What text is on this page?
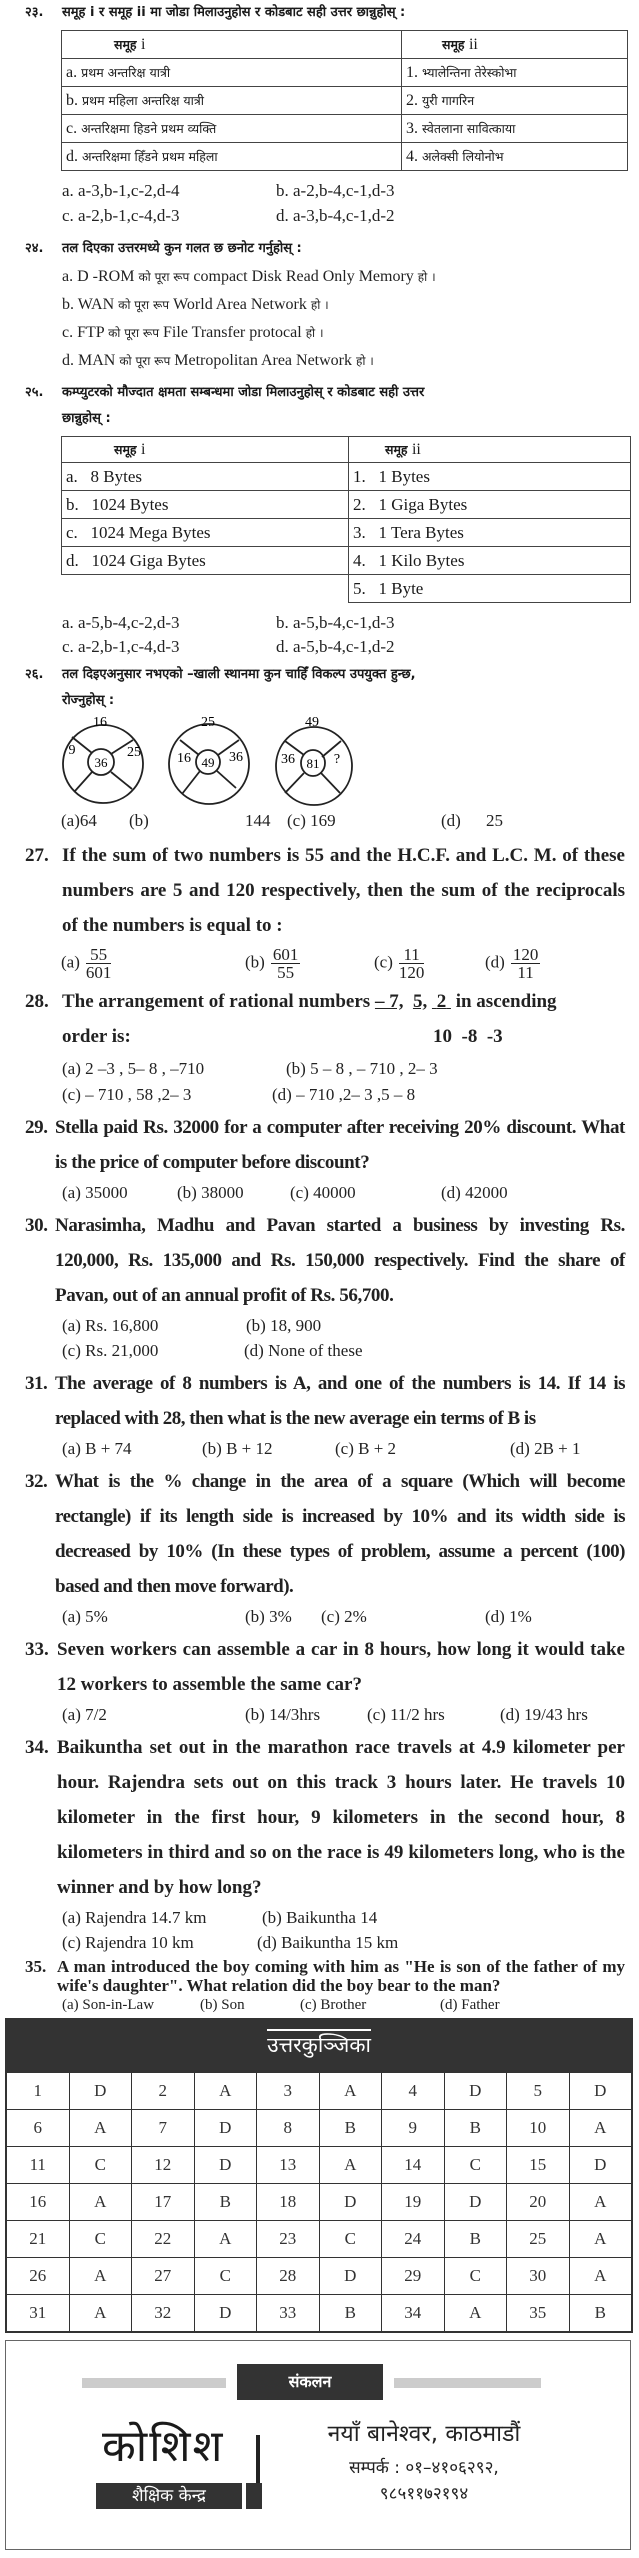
२३. समूह i र समूह ii मा जोडा मिलाउनुहोस र कोडबाट सही उत्तर छान्नुहोस् :
समूह i	समूह ii
a. प्रथम अन्तरिक्ष यात्री	1. भ्यालेन्तिना तेरेस्कोभा
b. प्रथम महिला अन्तरिक्ष यात्री	2. युरी गागरिन
c. अन्तरिक्षमा हिडने प्रथम व्यक्ति	3. स्वेतलाना सावित्काया
d. अन्तरिक्षमा हिँडने प्रथम महिला	4. अलेक्सी लियोनोभ
a. a-3,b-1,c-2,d-4	b. a-2,b-4,c-1,d-3
c. a-2,b-1,c-4,d-3	d. a-3,b-4,c-1,d-2
२४. तल दिएका उत्तरमध्ये कुन गलत छ छनोट गर्नुहोस् :
a. D -ROM को पूरा रूप compact Disk Read Only Memory हो ।
b. WAN को पूरा रूप World Area Network हो ।
c. FTP को पूरा रूप File Transfer protocal हो ।
d. MAN को पूरा रूप Metropolitan Area Network हो ।
२५. कम्प्युटरको मौज्दात क्षमता सम्बन्धमा जोडा मिलाउनुहोस् र कोडबाट सही उत्तर
छान्नुहोस् :
समूह i	समूह ii
a. 8 Bytes	1. 1 Bytes
b. 1024 Bytes	2. 1 Giga Bytes
c. 1024 Mega Bytes	3. 1 Tera Bytes
d. 1024 Giga Bytes	4. 1 Kilo Bytes
	5. 1 Byte
a. a-5,b-4,c-2,d-3	b. a-5,b-4,c-1,d-3
c. a-2,b-1,c-4,d-3	d. a-5,b-4,c-1,d-2
२६. तल दिइएअनुसार नभएको –खाली स्थानमा कुन चाहिँ विकल्प उपयुक्त हुन्छ,
रोज्नुहोस् :
16
9	25
36
25
16	36
49
49
36	?
81
(a)64 (b)	144 (c) 169	(d) 25
27. If the sum of two numbers is 55 and the H.C.F. and L.C. M. of these numbers are 5 and 120 respectively, then the sum of the reciprocals of the numbers is equal to :
$(a) \frac{55}{601}$	$(b) \frac{601}{55}$	$(c) \frac{11}{120}$	$(d) \frac{120}{11}$
28. The arrangement of rational numbers – 7, 5, 2 in ascending
order is:	10 -8 -3
(a) 2 –3 , 5– 8 , –710	(b) 5 – 8 , – 710 , 2– 3
(c) – 710 , 58 ,2– 3	(d) – 710 ,2– 3 ,5 – 8
29. Stella paid Rs. 32000 for a computer after receiving 20% discount. What is the price of computer before discount?
(a) 35000	(b) 38000	(c) 40000	(d) 42000
30. Narasimha, Madhu and Pavan started a business by investing Rs. 120,000, Rs. 135,000 and Rs. 150,000 respectively. Find the share of Pavan, out of an annual profit of Rs. 56,700.
(a) Rs. 16,800	(b) 18, 900
(c) Rs. 21,000	(d) None of these
31. The average of 8 numbers is A, and one of the numbers is 14. If 14 is replaced with 28, then what is the new average ein terms of B is
(a) B + 74	(b) B + 12	(c) B + 2	(d) 2B + 1
32. What is the % change in the area of a square (Which will become rectangle) if its length side is increased by 10% and its width side is decreased by 10% (In these types of problem, assume a percent (100) based and then move forward).
(a) 5%	(b) 3% (c) 2%	(d) 1%
33. Seven workers can assemble a car in 8 hours, how long it would take 12 workers to assemble the same car?
(a) 7/2	(b) 14/3hrs	(c) 11/2 hrs	(d) 19/43 hrs
34. Baikuntha set out in the marathon race travels at 4.9 kilometer per hour. Rajendra sets out on this track 3 hours later. He travels 10 kilometer in the first hour, 9 kilometers in the second hour, 8 kilometers in third and so on the race is 49 kilometers long, who is the winner and by how long?
(a) Rajendra 14.7 km	(b) Baikuntha 14
(c) Rajendra 10 km	(d) Baikuntha 15 km
35. A man introduced the boy coming with him as "He is son of the father of my wife's daughter". What relation did the boy bear to the man?
(a) Son-in-Law	(b) Son	(c) Brother	(d) Father
उत्तरकुञ्जिका
1	D	2	A	3	A	4	D	5	D
6	A	7	D	8	B	9	B	10	A
11	C	12	D	13	A	14	C	15	D
16	A	17	B	18	D	19	D	20	A
21	C	22	A	23	C	24	B	25	A
26	A	27	C	28	D	29	C	30	A
31	A	32	D	33	B	34	A	35	B
संकलन
कोशिश
शैक्षिक केन्द्र
नयाँ बानेश्वर, काठमाडौं
सम्पर्क : ०१–४१०६२९२,
९८५११७२१९४
